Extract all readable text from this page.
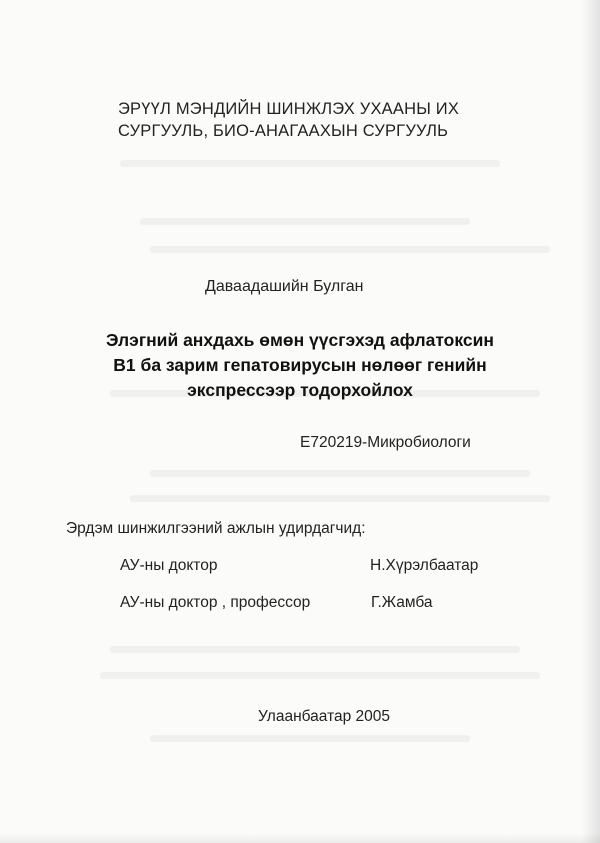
ЭРҮҮЛ МЭНДИЙН ШИНЖЛЭХ УХААНЫ ИХ
СУРГУУЛЬ, БИО-АНАГААХЫН СУРГУУЛЬ
Даваадашийн Булган
Элэгний анхдахь өмөн үүсгэхэд афлатоксин
В1 ба зарим гепатовирусын нөлөөг генийн
экспрессээр тодорхойлох
Е720219-Микробиологи
Эрдэм шинжилгээний ажлын удирдагчид:
АУ-ны доктор	Н.Хүрэлбаатар
АУ-ны доктор , профессор	Г.Жамба
Улаанбаатар 2005
